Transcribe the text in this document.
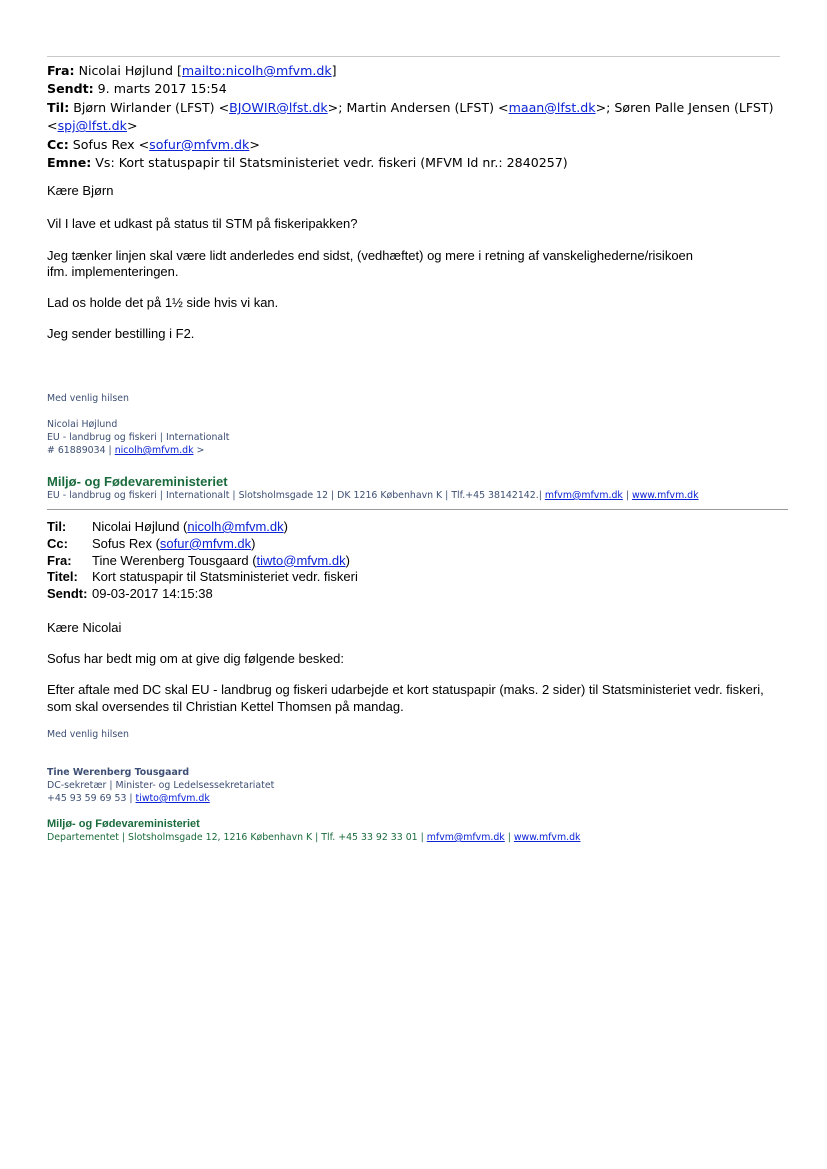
Fra: Nicolai Højlund [mailto:nicolh@mfvm.dk]
Sendt: 9. marts 2017 15:54
Til: Bjørn Wirlander (LFST) <BJOWIR@lfst.dk>; Martin Andersen (LFST) <maan@lfst.dk>; Søren Palle Jensen (LFST)
<spj@lfst.dk>
Cc: Sofus Rex <sofur@mfvm.dk>
Emne: Vs: Kort statuspapir til Statsministeriet vedr. fiskeri (MFVM Id nr.: 2840257)
Kære Bjørn
Vil I lave et udkast på status til STM på fiskeripakken?
Jeg tænker linjen skal være lidt anderledes end sidst, (vedhæftet) og mere i retning af vanskelighederne/risikoen
ifm. implementeringen.
Lad os holde det på 1½ side hvis vi kan.
Jeg sender bestilling i F2.
Med venlig hilsen
Nicolai Højlund
EU - landbrug og fiskeri | Internationalt
# 61889034 | nicolh@mfvm.dk >
Miljø- og Fødevareministeriet
EU - landbrug og fiskeri | Internationalt | Slotsholmsgade 12 | DK 1216 København K | Tlf.+45 38142142.| mfvm@mfvm.dk | www.mfvm.dk
Til:	Nicolai Højlund (nicolh@mfvm.dk)
Cc:	Sofus Rex (sofur@mfvm.dk)
Fra:	Tine Werenberg Tousgaard (tiwto@mfvm.dk)
Titel:	Kort statuspapir til Statsministeriet vedr. fiskeri
Sendt: 09-03-2017 14:15:38
Kære Nicolai
Sofus har bedt mig om at give dig følgende besked:
Efter aftale med DC skal EU - landbrug og fiskeri udarbejde et kort statuspapir (maks. 2 sider) til Statsministeriet vedr. fiskeri,
som skal oversendes til Christian Kettel Thomsen på mandag.
Med venlig hilsen
Tine Werenberg Tousgaard
DC-sekretær | Minister- og Ledelsessekretariatet
+45 93 59 69 53 | tiwto@mfvm.dk
Miljø- og Fødevareministeriet
Departementet | Slotsholmsgade 12, 1216 København K | Tlf. +45 33 92 33 01 | mfvm@mfvm.dk | www.mfvm.dk
